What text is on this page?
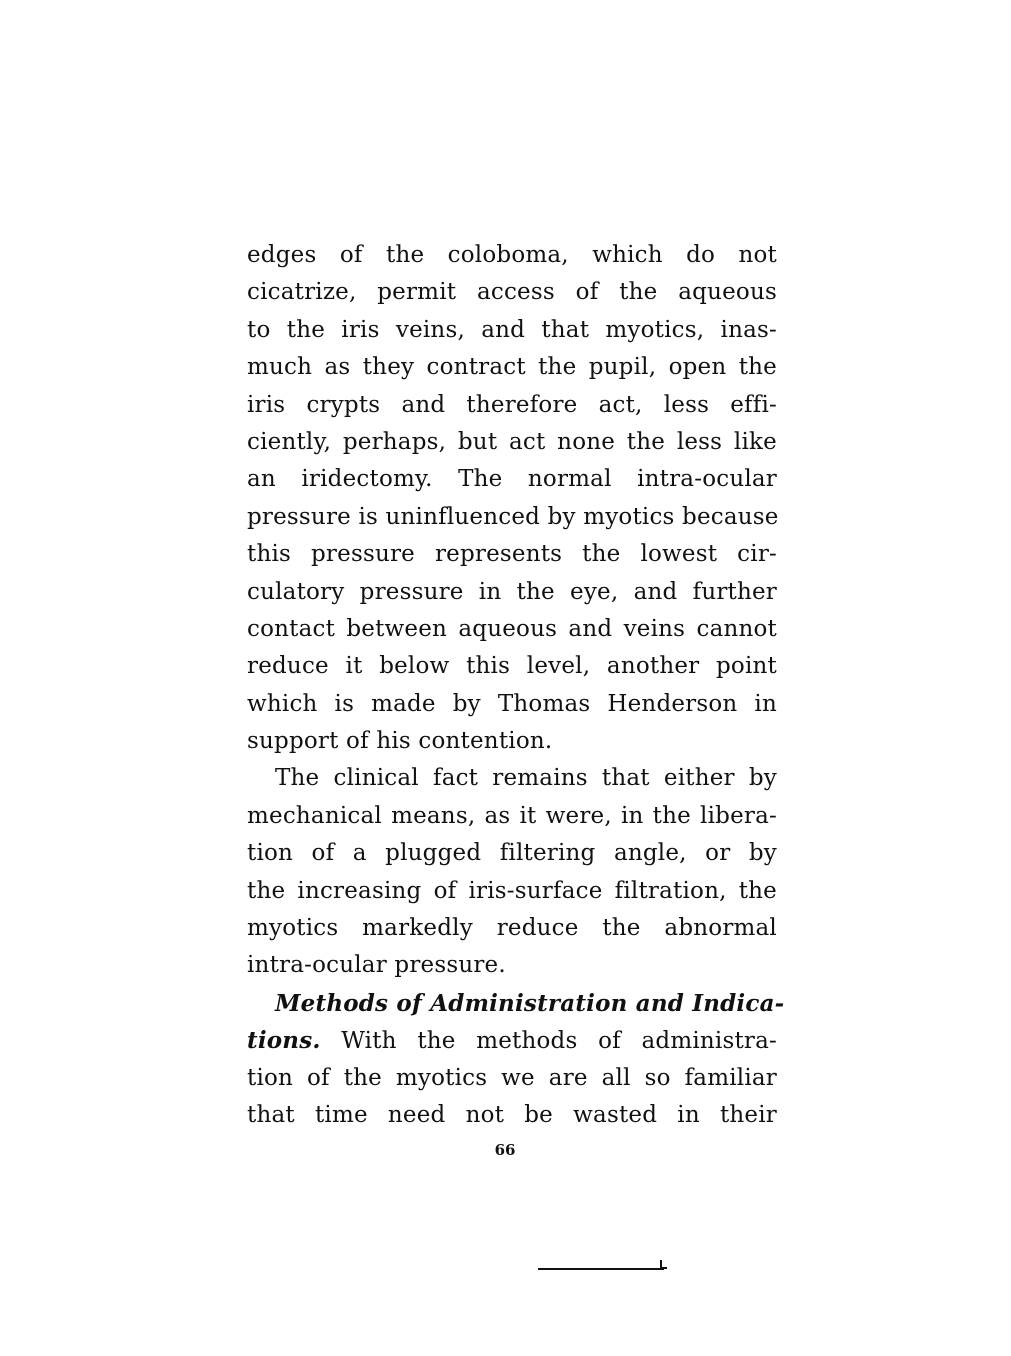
edges of the coloboma, which do not
cicatrize, permit access of the aqueous
to the iris veins, and that myotics, inas-
much as they contract the pupil, open the
iris crypts and therefore act, less effi-
ciently, perhaps, but act none the less like
an iridectomy. The normal intra-ocular
pressure is uninfluenced by myotics because
this pressure represents the lowest cir-
culatory pressure in the eye, and further
contact between aqueous and veins cannot
reduce it below this level, another point
which is made by Thomas Henderson in
support of his contention.
The clinical fact remains that either by
mechanical means, as it were, in the libera-
tion of a plugged filtering angle, or by
the increasing of iris-surface filtration, the
myotics markedly reduce the abnormal
intra-ocular pressure.
Methods of Administration and Indica-
tions. With the methods of administra-
tion of the myotics we are all so familiar
that time need not be wasted in their
66
